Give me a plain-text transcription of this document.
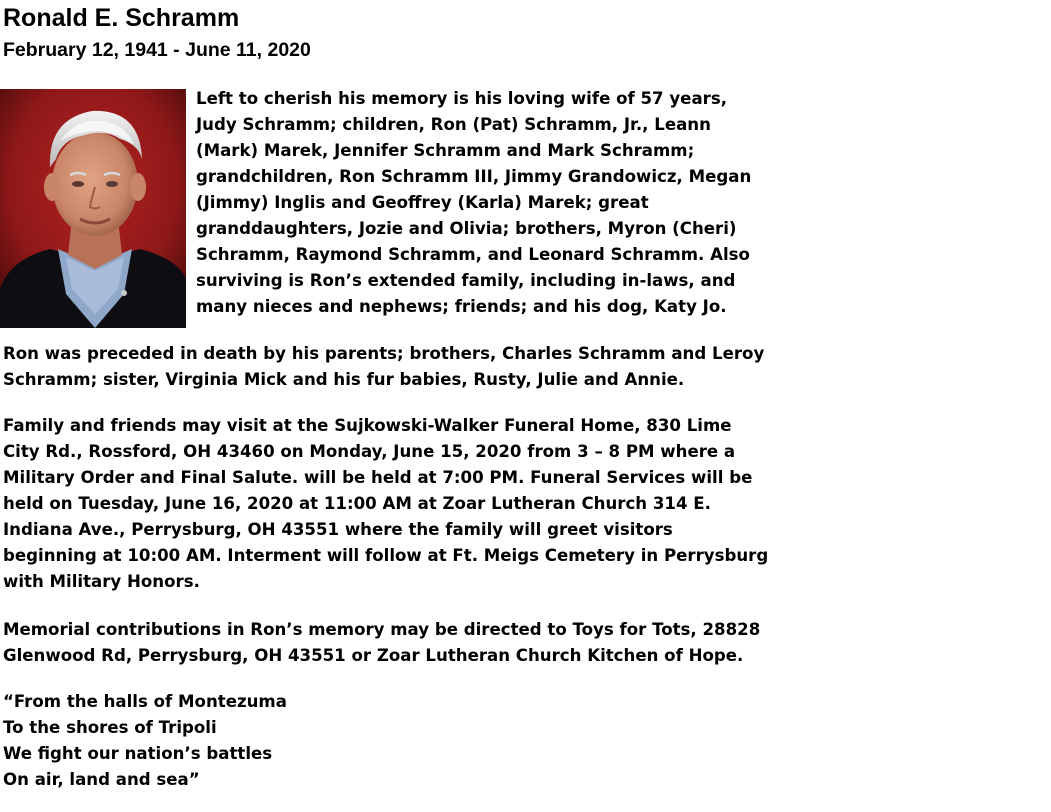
Ronald E. Schramm
February 12, 1941 - June 11, 2020
Left to cherish his memory is his loving wife of 57 years,
Judy Schramm; children, Ron (Pat) Schramm, Jr., Leann
(Mark) Marek, Jennifer Schramm and Mark Schramm;
grandchildren, Ron Schramm III, Jimmy Grandowicz, Megan
(Jimmy) Inglis and Geoffrey (Karla) Marek; great
granddaughters, Jozie and Olivia; brothers, Myron (Cheri)
Schramm, Raymond Schramm, and Leonard Schramm. Also
surviving is Ron’s extended family, including in-laws, and
many nieces and nephews; friends; and his dog, Katy Jo.
Ron was preceded in death by his parents; brothers, Charles Schramm and Leroy
Schramm; sister, Virginia Mick and his fur babies, Rusty, Julie and Annie.
Family and friends may visit at the Sujkowski-Walker Funeral Home, 830 Lime
City Rd., Rossford, OH 43460 on Monday, June 15, 2020 from 3 – 8 PM where a
Military Order and Final Salute. will be held at 7:00 PM. Funeral Services will be
held on Tuesday, June 16, 2020 at 11:00 AM at Zoar Lutheran Church 314 E.
Indiana Ave., Perrysburg, OH 43551 where the family will greet visitors
beginning at 10:00 AM. Interment will follow at Ft. Meigs Cemetery in Perrysburg
with Military Honors.
Memorial contributions in Ron’s memory may be directed to Toys for Tots, 28828
Glenwood Rd, Perrysburg, OH 43551 or Zoar Lutheran Church Kitchen of Hope.
“From the halls of Montezuma
To the shores of Tripoli
We fight our nation’s battles
On air, land and sea”
